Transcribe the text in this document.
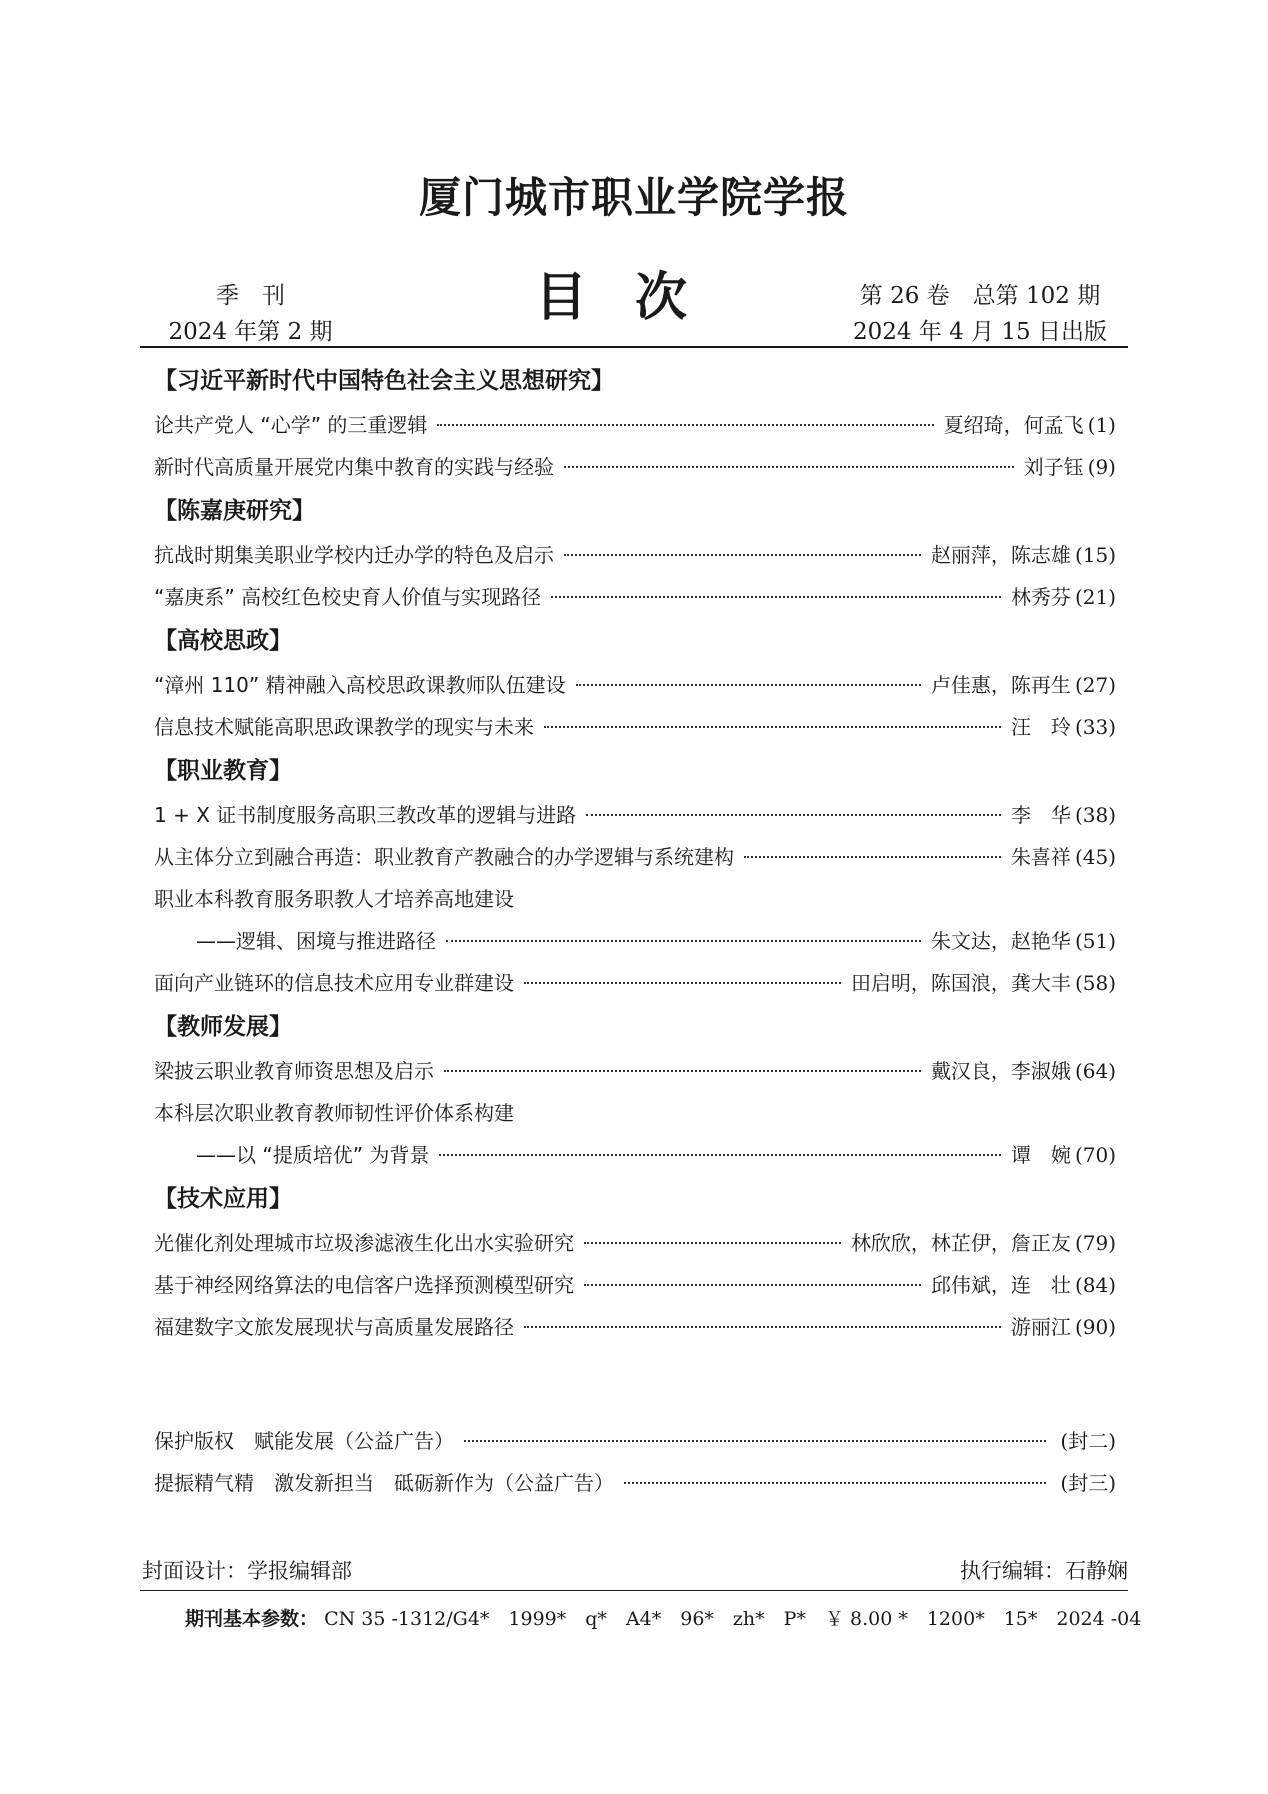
厦门城市职业学院学报
季　刊
2024 年第 2 期
目次	第 26 卷　总第 102 期
2024 年 4 月 15 日出版
【习近平新时代中国特色社会主义思想研究】
论共产党人 “心学” 的三重逻辑	夏绍琦，何孟飞 (1)
新时代高质量开展党内集中教育的实践与经验	刘子钰 (9)
【陈嘉庚研究】
抗战时期集美职业学校内迁办学的特色及启示	赵丽萍，陈志雄 (15)
“嘉庚系” 高校红色校史育人价值与实现路径	林秀芬 (21)
【高校思政】
“漳州 110” 精神融入高校思政课教师队伍建设	卢佳惠，陈再生 (27)
信息技术赋能高职思政课教学的现实与未来	汪　玲 (33)
【职业教育】
1 + X 证书制度服务高职三教改革的逻辑与进路	李　华 (38)
从主体分立到融合再造：职业教育产教融合的办学逻辑与系统建构	朱喜祥 (45)
职业本科教育服务职教人才培养高地建设
——逻辑、困境与推进路径	朱文达，赵艳华 (51)
面向产业链环的信息技术应用专业群建设	田启明，陈国浪，龚大丰 (58)
【教师发展】
梁披云职业教育师资思想及启示	戴汉良，李淑娥 (64)
本科层次职业教育教师韧性评价体系构建
——以 “提质培优” 为背景	谭　婉 (70)
【技术应用】
光催化剂处理城市垃圾渗滤液生化出水实验研究	林欣欣，林芷伊，詹正友 (79)
基于神经网络算法的电信客户选择预测模型研究	邱伟斌，连　壮 (84)
福建数字文旅发展现状与高质量发展路径	游丽江 (90)
保护版权　赋能发展（公益广告）	(封二)
提振精气精　激发新担当　砥砺新作为（公益广告）	(封三)
封面设计：学报编辑部	执行编辑：石静娴
期刊基本参数： CN 35 -1312/G4*　1999*　q*　A4*　96*　zh*　P*　￥ 8.00 *　1200*　15*　2024 -04
